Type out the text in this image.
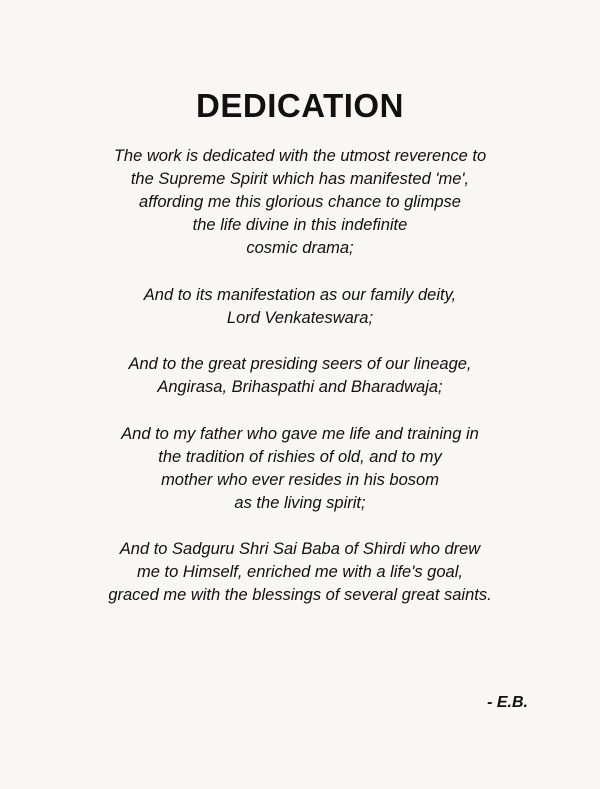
DEDICATION

The work is dedicated with the utmost reverence to
the Supreme Spirit which has manifested 'me',
affording me this glorious chance to glimpse
the life divine in this indefinite
cosmic drama;

And to its manifestation as our family deity,
Lord Venkateswara;

And to the great presiding seers of our lineage,
Angirasa, Brihaspathi and Bharadwaja;

And to my father who gave me life and training in
the tradition of rishies of old, and to my
mother who ever resides in his bosom
as the living spirit;

And to Sadguru Shri Sai Baba of Shirdi who drew
me to Himself, enriched me with a life's goal,
graced me with the blessings of several great saints.

- E.B.
